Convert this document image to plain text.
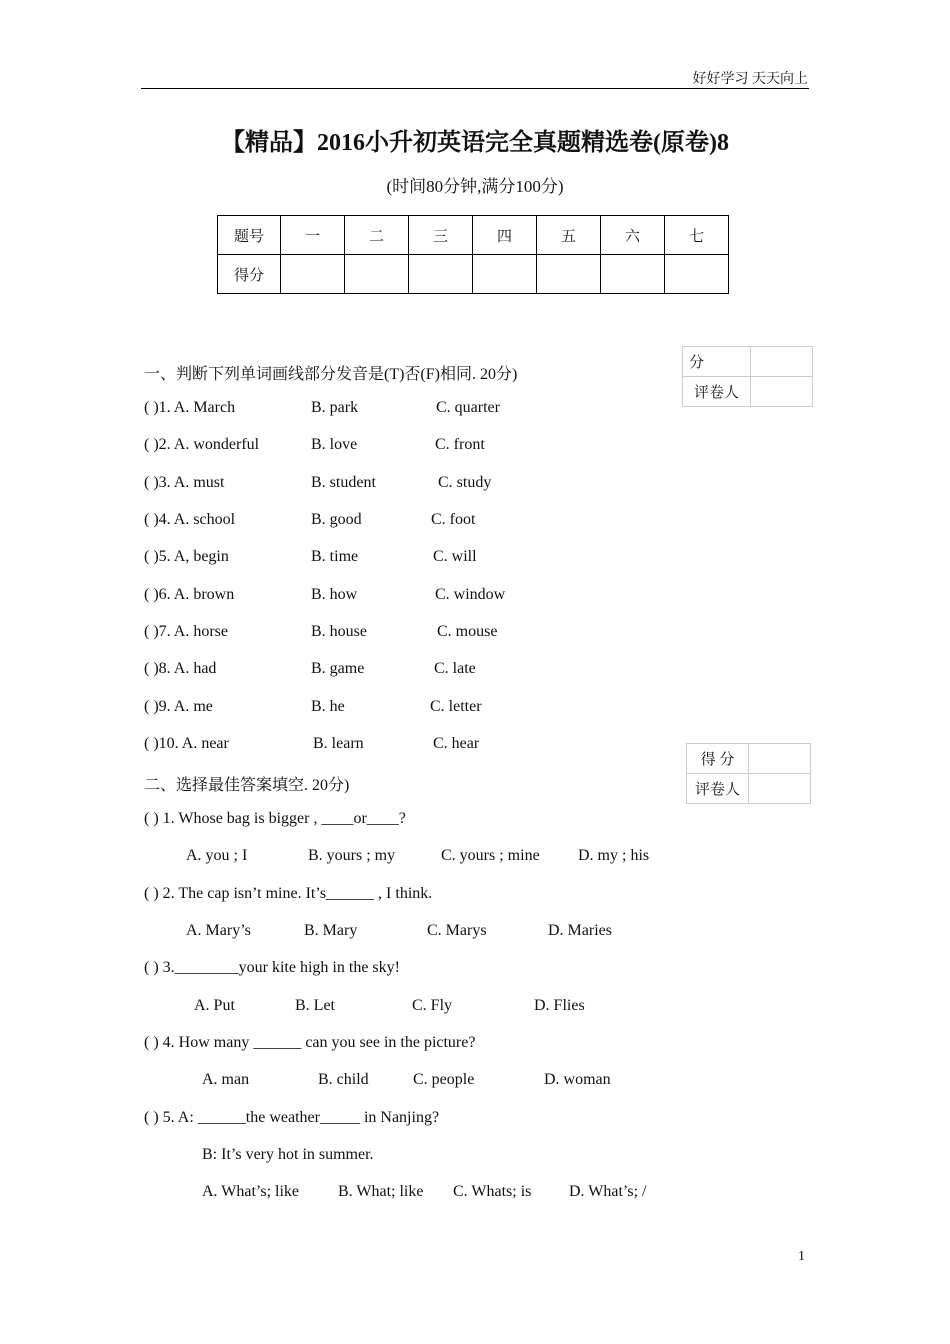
好好学习 天天向上
【精品】2016小升初英语完全真题精选卷(原卷)8
(时间80分钟,满分100分)
题号	一	二	三	四	五	六	七
得分							
分	
评卷人	
一、判断下列单词画线部分发音是(T)否(F)相同. 20分)
( )1. A. March	B. park	C. quarter
( )2. A. wonderful	B. love	C. front
( )3. A. must	B. student	C. study
( )4. A. school	B. good	C. foot
( )5. A, begin	B. time	C. will
( )6. A. brown	B. how	C. window
( )7. A. horse	B. house	C. mouse
( )8. A. had	B. game	C. late
( )9. A. me	B. he	C. letter
( )10. A. near	B. learn	C. hear
得 分	
评卷人	
二、选择最佳答案填空. 20分)
( ) 1. Whose bag is bigger , ____or____?
A. you ; I	B. yours ; my	C. yours ; mine D. my ; his
( ) 2. The cap isn’t mine. It’s______ , I think.
A. Mary’s	B. Mary	C. Marys	D. Maries
( ) 3.________your kite high in the sky!
A. Put	B. Let	C. Fly	D. Flies
( ) 4. How many ______ can you see in the picture?
A. man	B. child	C. people	D. woman
( ) 5. A: ______the weather_____ in Nanjing?
B: It’s very hot in summer.
A. What’s; like B. What; like C. Whats; is D. What’s; /
1
